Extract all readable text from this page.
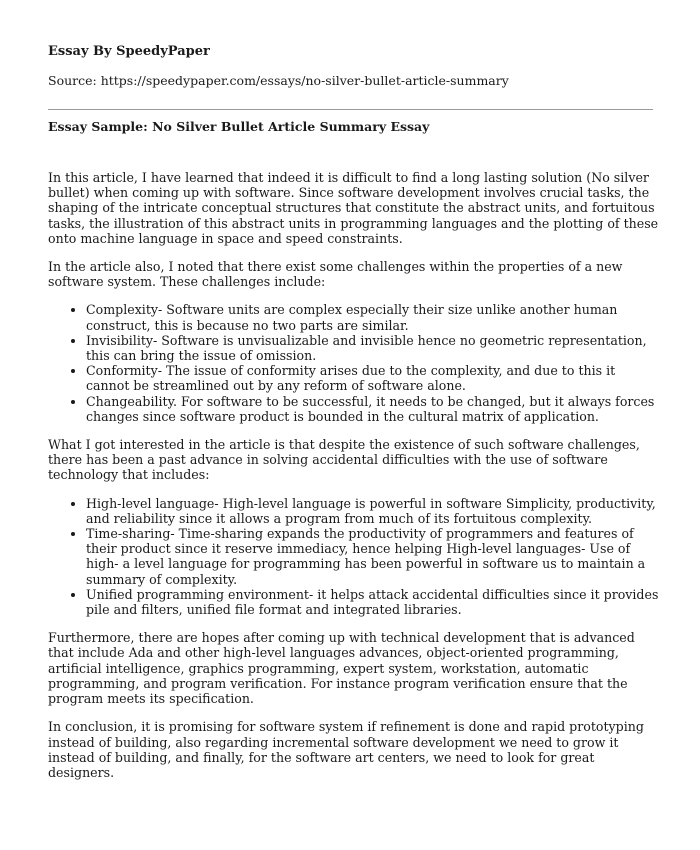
Essay By SpeedyPaper
Source: https://speedypaper.com/essays/no-silver-bullet-article-summary
Essay Sample: No Silver Bullet Article Summary Essay

In this article, I have learned that indeed it is difficult to find a long lasting solution (No silver bullet) when coming up with software. Since software development involves crucial tasks, the shaping of the intricate conceptual structures that constitute the abstract units, and fortuitous tasks, the illustration of this abstract units in programming languages and the plotting of these onto machine language in space and speed constraints.

In the article also, I noted that there exist some challenges within the properties of a new software system. These challenges include:

• Complexity- Software units are complex especially their size unlike another human construct, this is because no two parts are similar.
• Invisibility- Software is unvisualizable and invisible hence no geometric representation, this can bring the issue of omission.
• Conformity- The issue of conformity arises due to the complexity, and due to this it cannot be streamlined out by any reform of software alone.
• Changeability. For software to be successful, it needs to be changed, but it always forces changes since software product is bounded in the cultural matrix of application.

What I got interested in the article is that despite the existence of such software challenges, there has been a past advance in solving accidental difficulties with the use of software technology that includes:

• High-level language- High-level language is powerful in software Simplicity, productivity, and reliability since it allows a program from much of its fortuitous complexity.
• Time-sharing- Time-sharing expands the productivity of programmers and features of their product since it reserve immediacy, hence helping High-level languages- Use of high- a level language for programming has been powerful in software us to maintain a summary of complexity.
• Unified programming environment- it helps attack accidental difficulties since it provides pile and filters, unified file format and integrated libraries.

Furthermore, there are hopes after coming up with technical development that is advanced that include Ada and other high-level languages advances, object-oriented programming, artificial intelligence, graphics programming, expert system, workstation, automatic programming, and program verification. For instance program verification ensure that the program meets its specification.

In conclusion, it is promising for software system if refinement is done and rapid prototyping instead of building, also regarding incremental software development we need to grow it instead of building, and finally, for the software art centers, we need to look for great designers.
